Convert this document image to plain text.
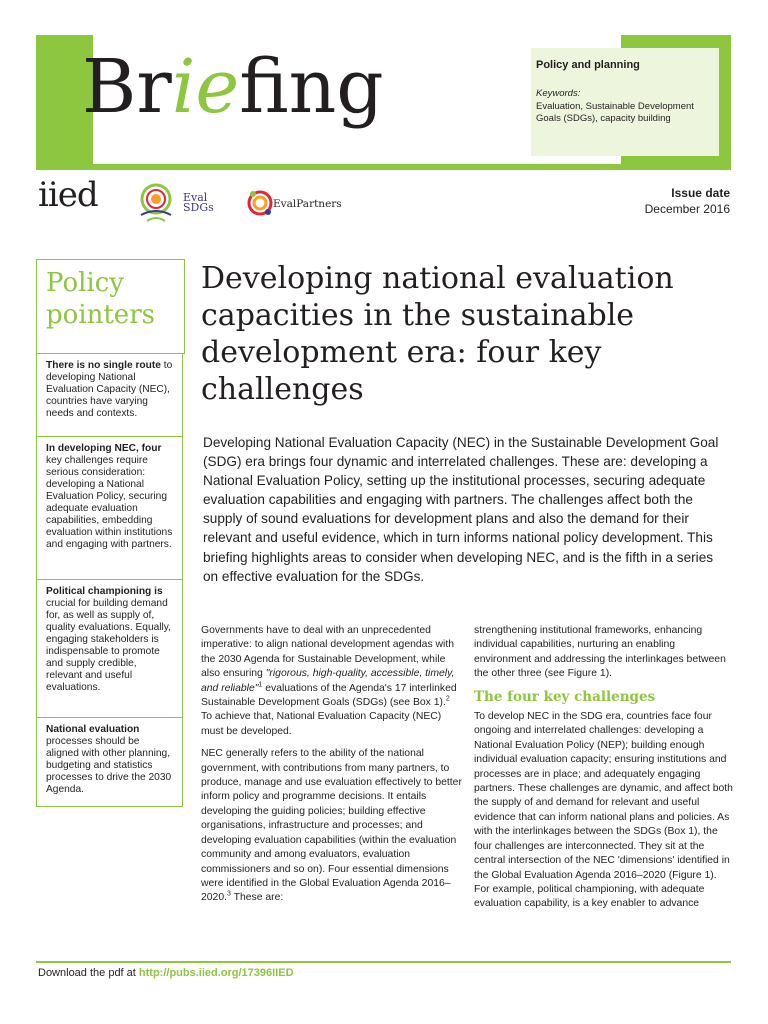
{
Briefing	Policy and planning
Keywords:
Evaluation, Sustainable Development Goals (SDGs), capacity building
iied	Eval
SDGs	EvalPartners
Issue date
December 2016
Policy
pointers
There is no single route to developing National Evaluation Capacity (NEC), countries have varying needs and contexts.
In developing NEC, four key challenges require serious consideration: developing a National Evaluation Policy, securing adequate evaluation capabilities, embedding evaluation within institutions and engaging with partners.
Political championing is crucial for building demand for, as well as supply of, quality evaluations. Equally, engaging stakeholders is indispensable to promote and supply credible, relevant and useful evaluations.
National evaluation processes should be aligned with other planning, budgeting and statistics processes to drive the 2030 Agenda.
Developing national evaluation capacities in the sustainable development era: four key challenges
Developing National Evaluation Capacity (NEC) in the Sustainable Development Goal (SDG) era brings four dynamic and interrelated challenges. These are: developing a National Evaluation Policy, setting up the institutional processes, securing adequate evaluation capabilities and engaging with partners. The challenges affect both the supply of sound evaluations for development plans and also the demand for their relevant and useful evidence, which in turn informs national policy development. This briefing highlights areas to consider when developing NEC, and is the fifth in a series on effective evaluation for the SDGs.

Governments have to deal with an unprecedented imperative: to align national development agendas with the 2030 Agenda for Sustainable Development, while also ensuring "rigorous, high-quality, accessible, timely, and reliable"$^1$ evaluations of the Agenda's 17 interlinked Sustainable Development Goals (SDGs) (see Box 1).$^2$ To achieve that, National Evaluation Capacity (NEC) must be developed.

NEC generally refers to the ability of the national government, with contributions from many partners, to produce, manage and use evaluation effectively to better inform policy and programme decisions. It entails developing the guiding policies; building effective organisations, infrastructure and processes; and developing evaluation capabilities (within the evaluation community and among evaluators, evaluation commissioners and so on). Four essential dimensions were identified in the Global Evaluation Agenda 2016–2020.$^3$ These are:

strengthening institutional frameworks, enhancing individual capabilities, nurturing an enabling environment and addressing the interlinkages between the other three (see Figure 1).

The four key challenges

To develop NEC in the SDG era, countries face four ongoing and interrelated challenges: developing a National Evaluation Policy (NEP); building enough individual evaluation capacity; ensuring institutions and processes are in place; and adequately engaging partners. These challenges are dynamic, and affect both the supply of and demand for relevant and useful evidence that can inform national plans and policies. As with the interlinkages between the SDGs (Box 1), the four challenges are interconnected. They sit at the central intersection of the NEC 'dimensions' identified in the Global Evaluation Agenda 2016–2020 (Figure 1). For example, political championing, with adequate evaluation capability, is a key enabler to advance

Download the pdf at http://pubs.iied.org/17396IIED
